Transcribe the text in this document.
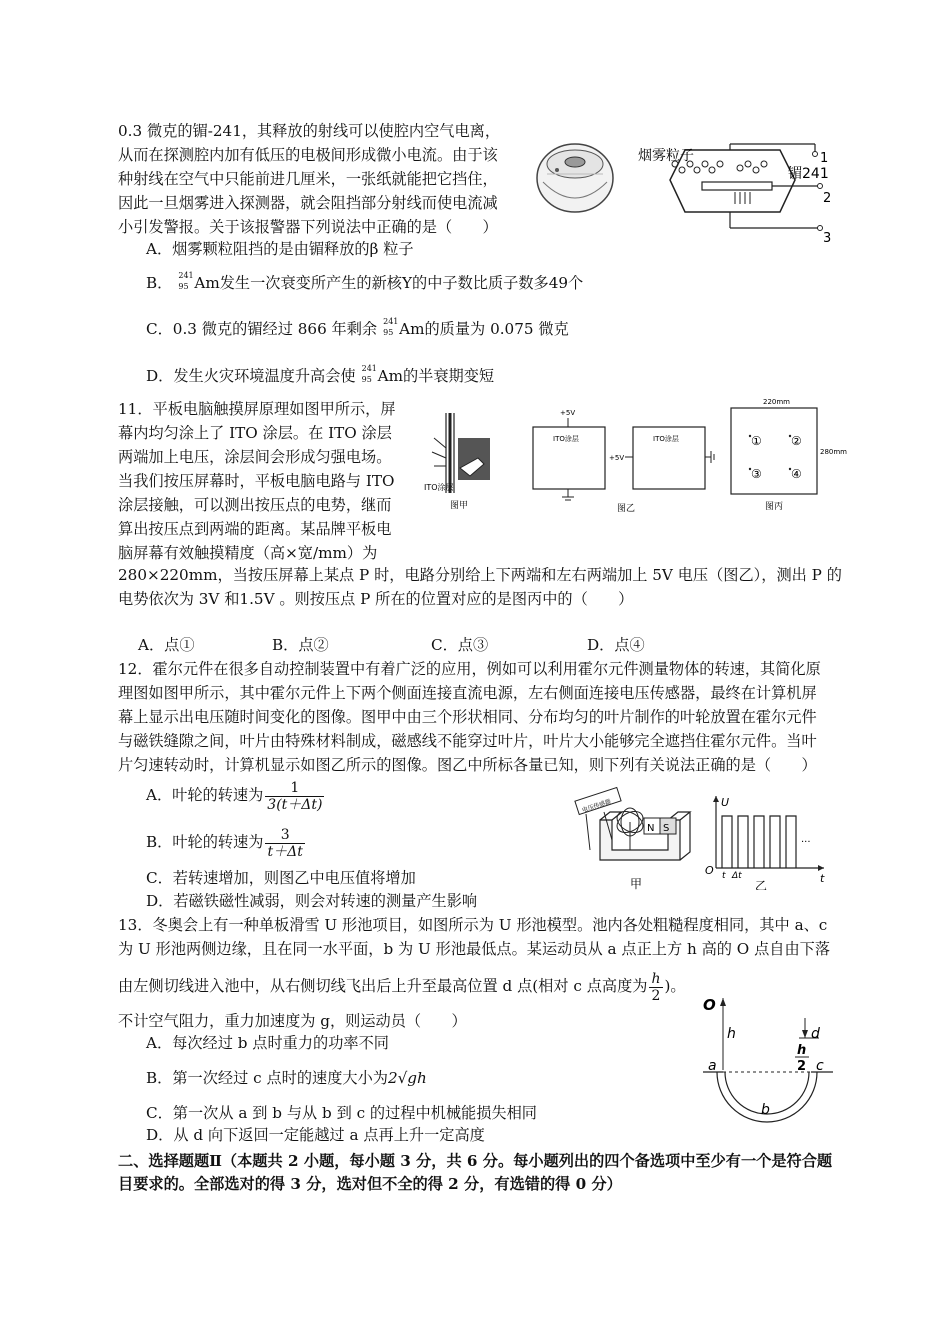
0.3 微克的镅-241，其释放的射线可以使腔内空气电离，
从而在探测腔内加有低压的电极间形成微小电流。由于该
种射线在空气中只能前进几厘米，一张纸就能把它挡住，
因此一旦烟雾进入探测器，就会阻挡部分射线而使电流减
小引发警报。关于该报警器下列说法中正确的是（　　）
烟雾粒子
镅241
1
2
3
A．烟雾颗粒阻挡的是由镅释放的β 粒子
B． 241
95 Am发生一次衰变所产生的新核Y的中子数比质子数多49个
C．0.3 微克的镅经过 866 年剩余 241
95 Am的质量为 0.075 微克
D．发生火灾环境温度升高会使 241
95 Am的半衰期变短
11．平板电脑触摸屏原理如图甲所示，屏
幕内均匀涂上了 ITO 涂层。在 ITO 涂层
两端加上电压，涂层间会形成匀强电场。
当我们按压屏幕时，平板电脑电路与 ITO
涂层接触，可以测出按压点的电势，继而
算出按压点到两端的距离。某品牌平板电
脑屏幕有效触摸精度（高×宽/mm）为
ITO涂层
图甲
+5V
ITO涂层
+5V
ITO涂层
图乙
220mm
280mm
① ②
③ ④
图丙
280×220mm，当按压屏幕上某点 P 时，电路分别给上下两端和左右两端加上 5V 电压（图乙），测出 P 的
电势依次为 3V 和1.5V 。则按压点 P 所在的位置对应的是图丙中的（　　）
A．点①	B．点②	C．点③	D．点④
12．霍尔元件在很多自动控制装置中有着广泛的应用，例如可以利用霍尔元件测量物体的转速，其简化原
理图如图甲所示，其中霍尔元件上下两个侧面连接直流电源，左右侧面连接电压传感器，最终在计算机屏
幕上显示出电压随时间变化的图像。图甲中由三个形状相同、分布均匀的叶片制作的叶轮放置在霍尔元件
与磁铁缝隙之间，叶片由特殊材料制成，磁感线不能穿过叶片，叶片大小能够完全遮挡住霍尔元件。当叶
片匀速转动时，计算机显示如图乙所示的图像。图乙中所标各量已知，则下列有关说法正确的是（　　）
A．叶轮的转速为 $\frac{1}{3(t+\Delta t)}$
B．叶轮的转速为 $\frac{3}{t+\Delta t}$
C．若转速增加，则图乙中电压值将增加
D．若磁铁磁性减弱，则会对转速的测量产生影响
N S
电压传感器
甲
U
t
O
...
t Δt
乙
13．冬奥会上有一种单板滑雪 U 形池项目，如图所示为 U 形池模型。池内各处粗糙程度相同，其中 a、c
为 U 形池两侧边缘，且在同一水平面，b 为 U 形池最低点。某运动员从 a 点正上方 h 高的 O 点自由下落
由左侧切线进入池中，从右侧切线飞出后上升至最高位置 d 点(相对 c 点高度为 $\frac{h}{2}$ )。
不计空气阻力，重力加速度为 g，则运动员（　　）
A．每次经过 b 点时重力的功率不同
B．第一次经过 c 点时的速度大小为2√gh
C．第一次从 a 到 b 与从 b 到 c 的过程中机械能损失相同
D．从 d 向下返回一定能越过 a 点再上升一定高度
O
h
a	c
b
d
h
2
二、选择题题Ⅱ（本题共 2 小题，每小题 3 分，共 6 分。每小题列出的四个备选项中至少有一个是符合题
目要求的。全部选对的得 3 分，选对但不全的得 2 分，有选错的得 0 分）
